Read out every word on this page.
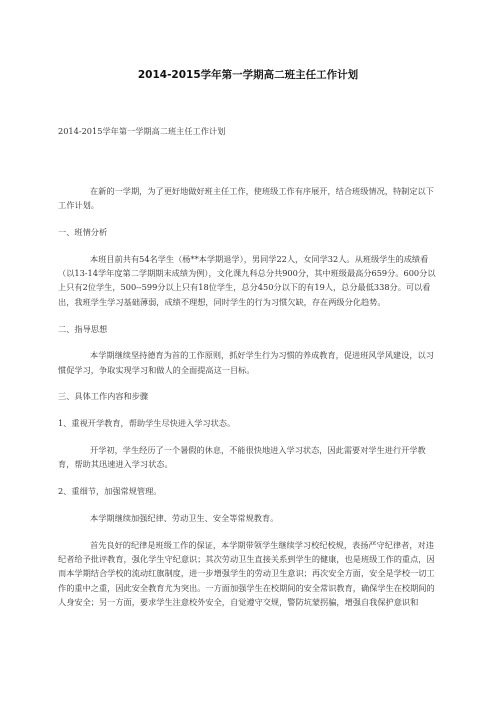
2014-2015学年第一学期高二班主任工作计划
2014-2015学年第一学期高二班主任工作计划

在新的一学期，为了更好地做好班主任工作，使班级工作有序展开，结合班级情况，特制定以下工作计划。

一、班情分析

本班目前共有54名学生（杨**本学期退学），男同学22人，女同学32人。从班级学生的成绩看（以13-14学年度第二学期期末成绩为例），文化课九科总分共900分，其中班级最高分659分。600分以上只有2位学生，500--599分以上只有18位学生，总分450分以下的有19人，总分最低338分。可以看出，我班学生学习基础薄弱，成绩不理想，同时学生的行为习惯欠缺，存在两级分化趋势。

二、指导思想

本学期继续坚持德育为首的工作原则，抓好学生行为习惯的养成教育，促进班风学风建设，以习惯促学习，争取实现学习和做人的全面提高这一目标。

三、具体工作内容和步骤

1、重视开学教育，帮助学生尽快进入学习状态。

开学初，学生经历了一个暑假的休息，不能很快地进入学习状态，因此需要对学生进行开学教育，帮助其迅速进入学习状态。

2、重细节，加强常规管理。

本学期继续加强纪律、劳动卫生、安全等常规教育。

首先良好的纪律是班级工作的保证，本学期带领学生继续学习校纪校规，表扬严守纪律者，对违纪者给予批评教育，强化学生守纪意识；其次劳动卫生直接关系到学生的健康，也是班级工作的重点，因而本学期结合学校的流动红旗制度，进一步增强学生的劳动卫生意识；再次安全方面，安全是学校一切工作的重中之重，因此安全教育尤为突出。一方面加强学生在校期间的安全常识教育，确保学生在校期间的人身安全；另一方面，要求学生注意校外安全，自觉遵守交规，警防坑蒙拐骗，增强自我保护意识和
